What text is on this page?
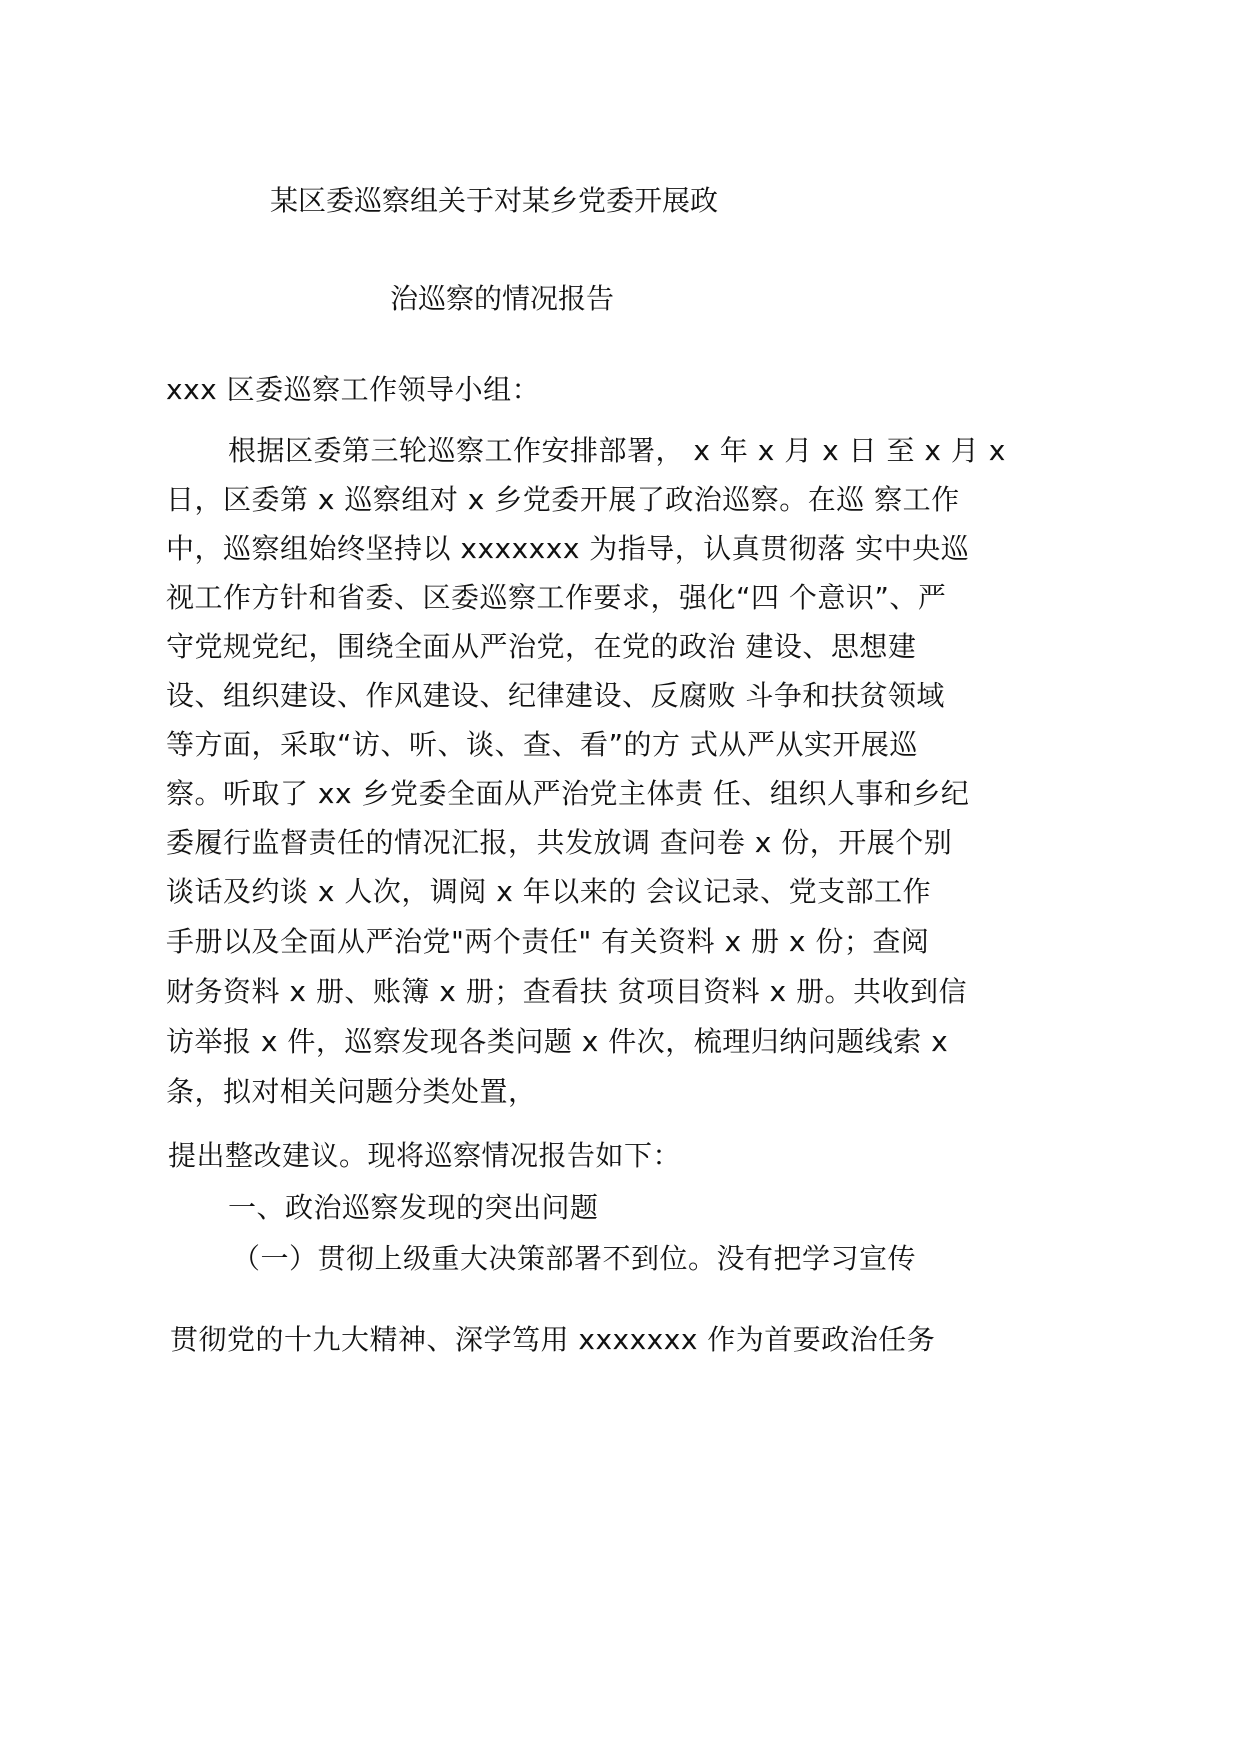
某区委巡察组关于对某乡党委开展政
治巡察的情况报告
xxx 区委巡察工作领导小组：
根据区委第三轮巡察工作安排部署， x 年 x 月 x 日 至 x 月 x
日，区委第 x 巡察组对 x 乡党委开展了政治巡察。在巡 察工作
中，巡察组始终坚持以 xxxxxxx 为指导，认真贯彻落 实中央巡
视工作方针和省委、区委巡察工作要求，强化“四 个意识”、严
守党规党纪，围绕全面从严治党，在党的政治 建设、思想建
设、组织建设、作风建设、纪律建设、反腐败 斗争和扶贫领域
等方面，采取“访、听、谈、查、看”的方 式从严从实开展巡
察。听取了 xx 乡党委全面从严治党主体责 任、组织人事和乡纪
委履行监督责任的情况汇报，共发放调 查问卷 x 份，开展个别
谈话及约谈 x 人次，调阅 x 年以来的 会议记录、党支部工作
手册以及全面从严治党"两个责任" 有关资料 x 册 x 份；查阅
财务资料 x 册、账簿 x 册；查看扶 贫项目资料 x 册。共收到信
访举报 x 件，巡察发现各类问题 x 件次，梳理归纳问题线索 x
条，拟对相关问题分类处置，
提出整改建议。现将巡察情况报告如下：
一、政治巡察发现的突出问题
（一）贯彻上级重大决策部署不到位。没有把学习宣传
贯彻党的十九大精神、深学笃用 xxxxxxx 作为首要政治任务
